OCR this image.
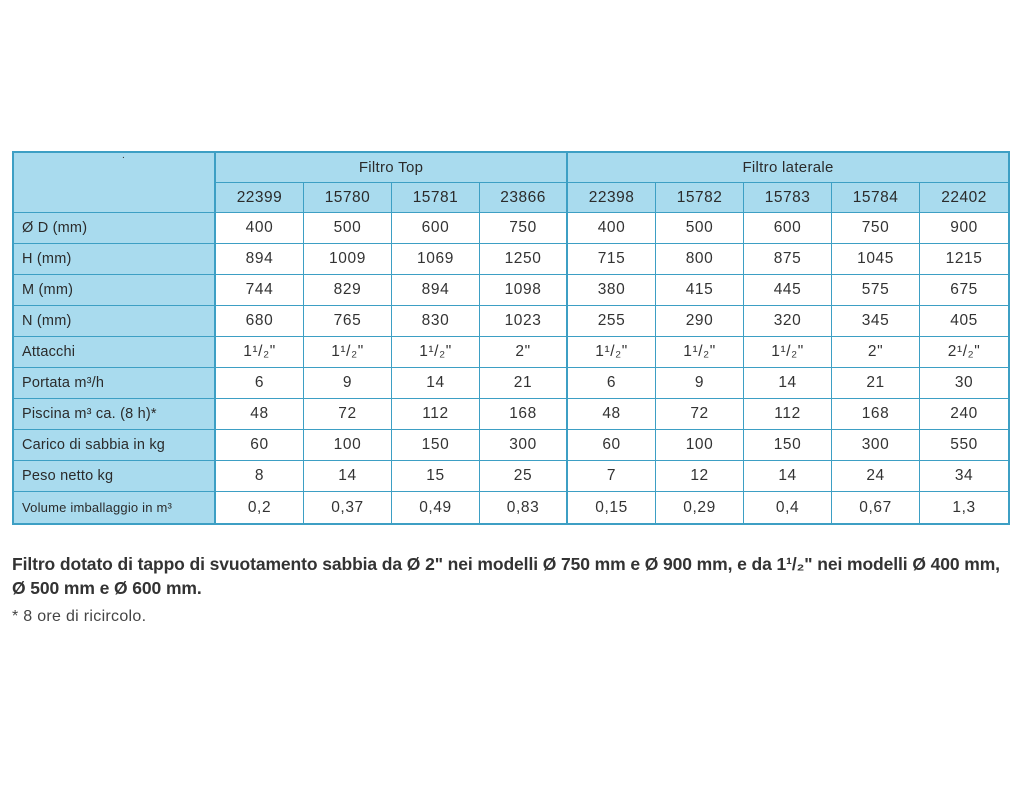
.	Filtro Top				Filtro laterale				
	22399	15780	15781	23866	22398	15782	15783	15784	22402
Ø D (mm)	400	500	600	750	400	500	600	750	900
H (mm)	894	1009	1069	1250	715	800	875	1045	1215
M (mm)	744	829	894	1098	380	415	445	575	675
N (mm)	680	765	830	1023	255	290	320	345	405
Attacchi	1¹/₂"	1¹/₂"	1¹/₂"	2"	1¹/₂"	1¹/₂"	1¹/₂"	2"	2¹/₂"
Portata m³/h	6	9	14	21	6	9	14	21	30
Piscina m³ ca. (8 h)*	48	72	112	168	48	72	112	168	240
Carico di sabbia in kg	60	100	150	300	60	100	150	300	550
Peso netto kg	8	14	15	25	7	12	14	24	34
Volume imballaggio in m³	0,2	0,37	0,49	0,83	0,15	0,29	0,4	0,67	1,3
Filtro dotato di tappo di svuotamento sabbia da Ø 2" nei modelli Ø 750 mm e Ø 900 mm, e da 1¹/₂" nei modelli Ø 400 mm, Ø 500 mm e Ø 600 mm.
* 8 ore di ricircolo.
